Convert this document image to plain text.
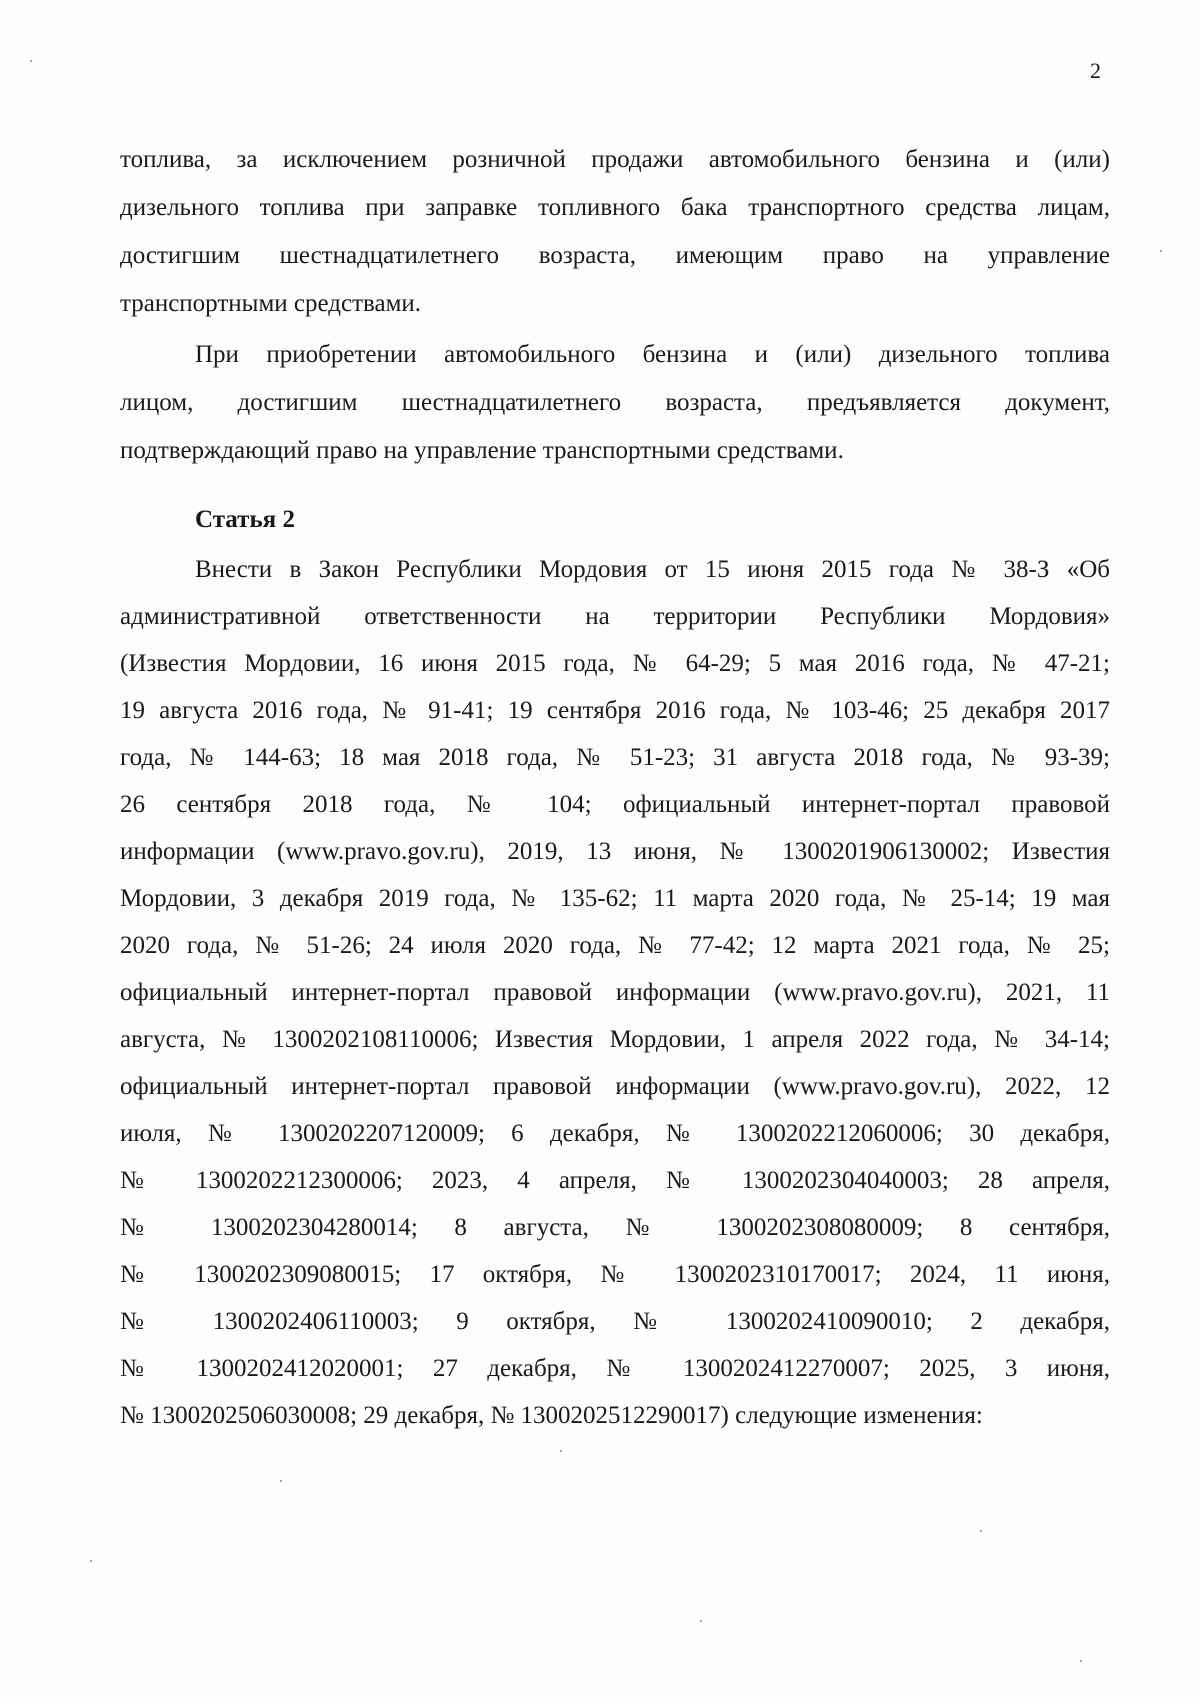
2
топлива, за исключением розничной продажи автомобильного бензина и (или)
дизельного топлива при заправке топливного бака транспортного средства лицам,
достигшим шестнадцатилетнего возраста, имеющим право на управление
транспортными средствами.
При приобретении автомобильного бензина и (или) дизельного топлива
лицом, достигшим шестнадцатилетнего возраста, предъявляется документ,
подтверждающий право на управление транспортными средствами.
Статья 2
Внести в Закон Республики Мордовия от 15 июня 2015 года № 38-З «Об
административной ответственности на территории Республики Мордовия»
(Известия Мордовии, 16 июня 2015 года, № 64-29; 5 мая 2016 года, № 47-21;
19 августа 2016 года, № 91-41; 19 сентября 2016 года, № 103-46; 25 декабря 2017
года, № 144-63; 18 мая 2018 года, № 51-23; 31 августа 2018 года, № 93-39;
26 сентября 2018 года, № 104; официальный интернет-портал правовой
информации (www.pravo.gov.ru), 2019, 13 июня, № 1300201906130002; Известия
Мордовии, 3 декабря 2019 года, № 135-62; 11 марта 2020 года, № 25-14; 19 мая
2020 года, № 51-26; 24 июля 2020 года, № 77-42; 12 марта 2021 года, № 25;
официальный интернет-портал правовой информации (www.pravo.gov.ru), 2021, 11
августа, № 1300202108110006; Известия Мордовии, 1 апреля 2022 года, № 34-14;
официальный интернет-портал правовой информации (www.pravo.gov.ru), 2022, 12
июля, № 1300202207120009; 6 декабря, № 1300202212060006; 30 декабря,
№ 1300202212300006; 2023, 4 апреля, № 1300202304040003; 28 апреля,
№ 1300202304280014; 8 августа, № 1300202308080009; 8 сентября,
№ 1300202309080015; 17 октября, № 1300202310170017; 2024, 11 июня,
№ 1300202406110003; 9 октября, № 1300202410090010; 2 декабря,
№ 1300202412020001; 27 декабря, № 1300202412270007; 2025, 3 июня,
№ 1300202506030008; 29 декабря, № 1300202512290017) следующие изменения:
